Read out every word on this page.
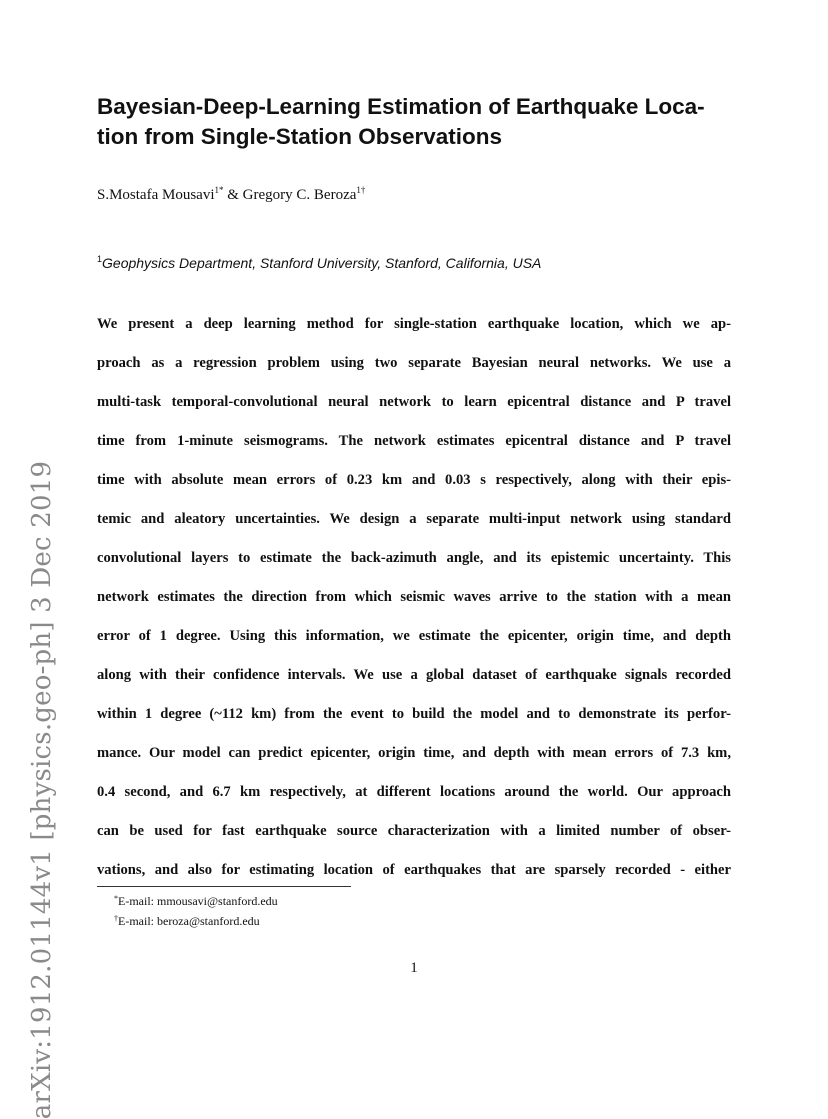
arXiv:1912.01144v1 [physics.geo-ph] 3 Dec 2019
Bayesian-Deep-Learning Estimation of Earthquake Loca-
tion from Single-Station Observations
S.Mostafa Mousavi$^{1*}$ & Gregory C. Beroza$^{1\dagger}$
$^1$Geophysics Department, Stanford University, Stanford, California, USA
We present a deep learning method for single-station earthquake location, which we ap-
proach as a regression problem using two separate Bayesian neural networks. We use a
multi-task temporal-convolutional neural network to learn epicentral distance and P travel
time from 1-minute seismograms. The network estimates epicentral distance and P travel
time with absolute mean errors of 0.23 km and 0.03 s respectively, along with their epis-
temic and aleatory uncertainties. We design a separate multi-input network using standard
convolutional layers to estimate the back-azimuth angle, and its epistemic uncertainty. This
network estimates the direction from which seismic waves arrive to the station with a mean
error of 1 degree. Using this information, we estimate the epicenter, origin time, and depth
along with their confidence intervals. We use a global dataset of earthquake signals recorded
within 1 degree (~112 km) from the event to build the model and to demonstrate its perfor-
mance. Our model can predict epicenter, origin time, and depth with mean errors of 7.3 km,
0.4 second, and 6.7 km respectively, at different locations around the world. Our approach
can be used for fast earthquake source characterization with a limited number of obser-
vations, and also for estimating location of earthquakes that are sparsely recorded - either
*E-mail: mmousavi@stanford.edu
†E-mail: beroza@stanford.edu
1
